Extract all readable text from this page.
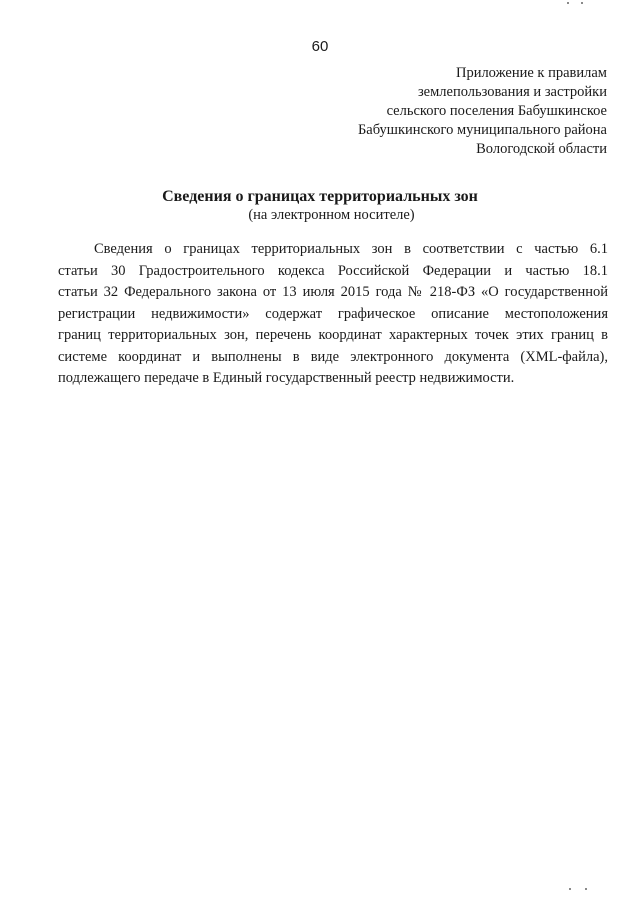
60
Приложение к правилам
землепользования и застройки
сельского поселения Бабушкинское
Бабушкинского муниципального района
Вологодской области
Сведения о границах территориальных зон
(на электронном носителе)
Сведения о границах территориальных зон в соответствии с частью 6.1
статьи 30 Градостроительного кодекса Российской Федерации и частью 18.1
статьи 32 Федерального закона от 13 июля 2015 года № 218-ФЗ «О государственной
регистрации недвижимости» содержат графическое описание местоположения
границ территориальных зон, перечень координат характерных точек этих границ в
системе координат и выполнены в виде электронного документа (XML-файла),
подлежащего передаче в Единый государственный реестр недвижимости.
